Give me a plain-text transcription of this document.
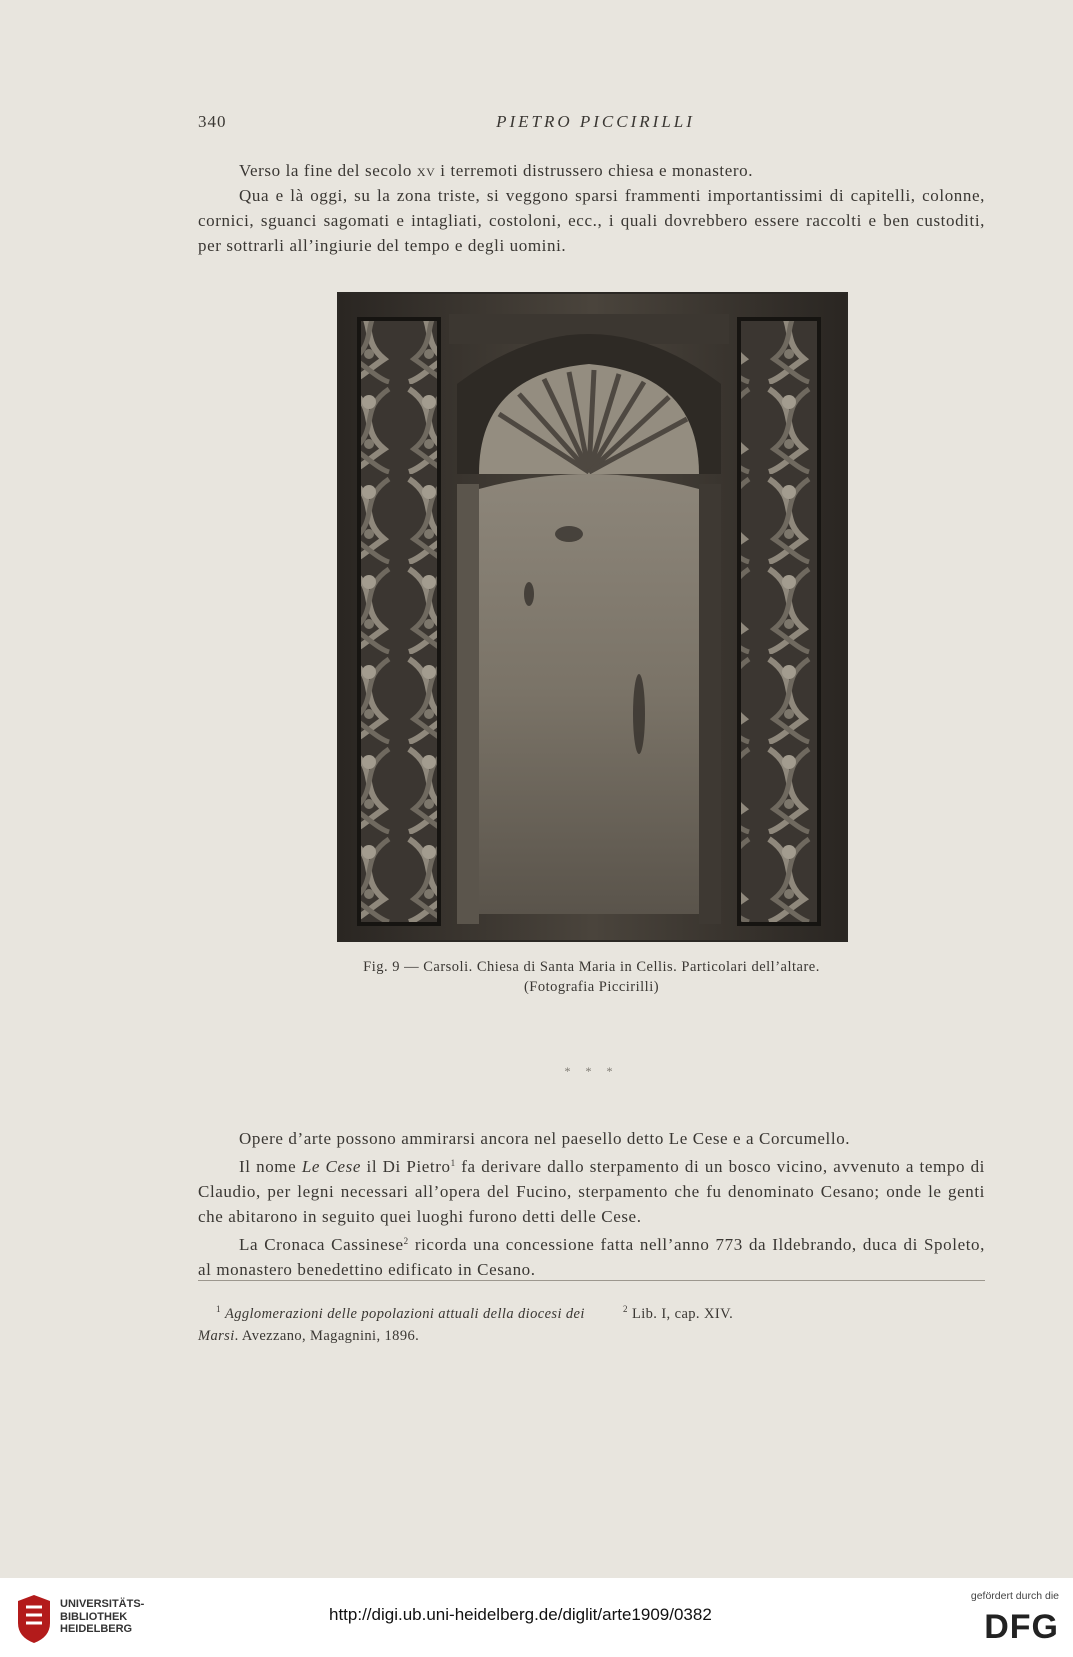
340	PIETRO PICCIRILLI

Verso la fine del secolo xv i terremoti distrussero chiesa e monastero.

Qua e là oggi, su la zona triste, si veggono sparsi frammenti importantissimi di capitelli, colonne, cornici, sguanci sagomati e intagliati, costoloni, ecc., i quali dovrebbero essere raccolti e ben custoditi, per sottrarli all’ingiurie del tempo e degli uomini.

Fig. 9 — Carsoli. Chiesa di Santa Maria in Cellis. Particolari dell’altare.
(Fotografia Piccirilli)
* * *

Opere d’arte possono ammirarsi ancora nel paesello detto Le Cese e a Corcumello.

Il nome Le Cese il Di Pietro$^1$ fa derivare dallo sterpamento di un bosco vicino, avvenuto a tempo di Claudio, per legni necessari all’opera del Fucino, sterpamento che fu denominato Cesano; onde le genti che abitarono in seguito quei luoghi furono detti delle Cese.

La Cronaca Cassinese$^2$ ricorda una concessione fatta nell’anno 773 da Ildebrando, duca di Spoleto, al monastero benedettino edificato in Cesano.

$^1$ Agglomerazioni delle popolazioni attuali della diocesi dei Marsi. Avezzano, Magagnini, 1896.
$^2$ Lib. I, cap. XIV.
UNIVERSITÄTS-
BIBLIOTHEK
HEIDELBERG
http://digi.ub.uni-heidelberg.de/diglit/arte1909/0382
gefördert durch die
DFG
